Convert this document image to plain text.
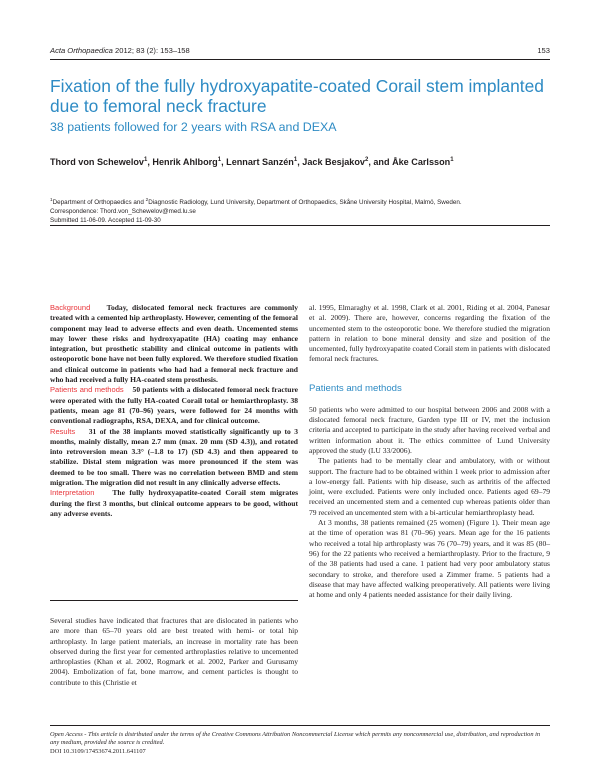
Acta Orthopaedica 2012; 83 (2): 153–158	153
Fixation of the fully hydroxyapatite-coated Corail stem implanted due to femoral neck fracture
38 patients followed for 2 years with RSA and DEXA
Thord von Schewelov$^1$, Henrik Ahlborg$^1$, Lennart Sanzén$^1$, Jack Besjakov$^2$, and Åke Carlsson$^1$
$^1$Department of Orthopaedics and $^2$Diagnostic Radiology, Lund University, Department of Orthopaedics, Skåne University Hospital, Malmö, Sweden.
Correspondence: Thord.von_Schewelov@med.lu.se
Submitted 11-06-09. Accepted 11-09-30

Background Today, dislocated femoral neck fractures are commonly treated with a cemented hip arthroplasty. However, cementing of the femoral component may lead to adverse effects and even death. Uncemented stems may lower these risks and hydroxyapatite (HA) coating may enhance integration, but prosthetic stability and clinical outcome in patients with osteoporotic bone have not been fully explored. We therefore studied fixation and clinical outcome in patients who had had a femoral neck fracture and who had received a fully HA-coated stem prosthesis.

Patients and methods 50 patients with a dislocated femoral neck fracture were operated with the fully HA-coated Corail total or hemiarthroplasty. 38 patients, mean age 81 (70–96) years, were followed for 24 months with conventional radiographs, RSA, DEXA, and for clinical outcome.

Results 31 of the 38 implants moved statistically significantly up to 3 months, mainly distally, mean 2.7 mm (max. 20 mm (SD 4.3)), and rotated into retroversion mean 3.3° (–1.8 to 17) (SD 4.3) and then appeared to stabilize. Distal stem migration was more pronounced if the stem was deemed to be too small. There was no correlation between BMD and stem migration. The migration did not result in any clinically adverse effects.

Interpretation The fully hydroxyapatite-coated Corail stem migrates during the first 3 months, but clinical outcome appears to be good, without any adverse events.

Several studies have indicated that fractures that are dislocated in patients who are more than 65–70 years old are best treated with hemi- or total hip arthroplasty. In large patient materials, an increase in mortality rate has been observed during the first year for cemented arthroplasties relative to uncemented arthroplasties (Khan et al. 2002, Rogmark et al. 2002, Parker and Gurusamy 2004). Embolization of fat, bone marrow, and cement particles is thought to contribute to this (Christie et

al. 1995, Elmaraghy et al. 1998, Clark et al. 2001, Riding et al. 2004, Panesar et al. 2009). There are, however, concerns regarding the fixation of the uncemented stem to the osteoporotic bone. We therefore studied the migration pattern in relation to bone mineral density and size and position of the uncemented, fully hydroxyapatite coated Corail stem in patients with dislocated femoral neck fractures.

Patients and methods

50 patients who were admitted to our hospital between 2006 and 2008 with a dislocated femoral neck fracture, Garden type III or IV, met the inclusion criteria and accepted to participate in the study after having received verbal and written information about it. The ethics committee of Lund University approved the study (LU 33/2006).

The patients had to be mentally clear and ambulatory, with or without support. The fracture had to be obtained within 1 week prior to admission after a low-energy fall. Patients with hip disease, such as arthritis of the affected joint, were excluded. Patients were only included once. Patients aged 69–79 received an uncemented stem and a cemented cup whereas patients older than 79 received an uncemented stem with a bi-articular hemiarthroplasty head.

At 3 months, 38 patients remained (25 women) (Figure 1). Their mean age at the time of operation was 81 (70–96) years. Mean age for the 16 patients who received a total hip arthroplasty was 76 (70–79) years, and it was 85 (80–96) for the 22 patients who received a hemiarthroplasty. Prior to the fracture, 9 of the 38 patients had used a cane. 1 patient had very poor ambulatory status secondary to stroke, and therefore used a Zimmer frame. 5 patients had a disease that may have affected walking preoperatively. All patients were living at home and only 4 patients needed assistance for their daily living.

Open Access - This article is distributed under the terms of the Creative Commons Attribution Noncommercial License which permits any noncommercial use, distribution, and reproduction in any medium, provided the source is credited.
DOI 10.3109/17453674.2011.641107
